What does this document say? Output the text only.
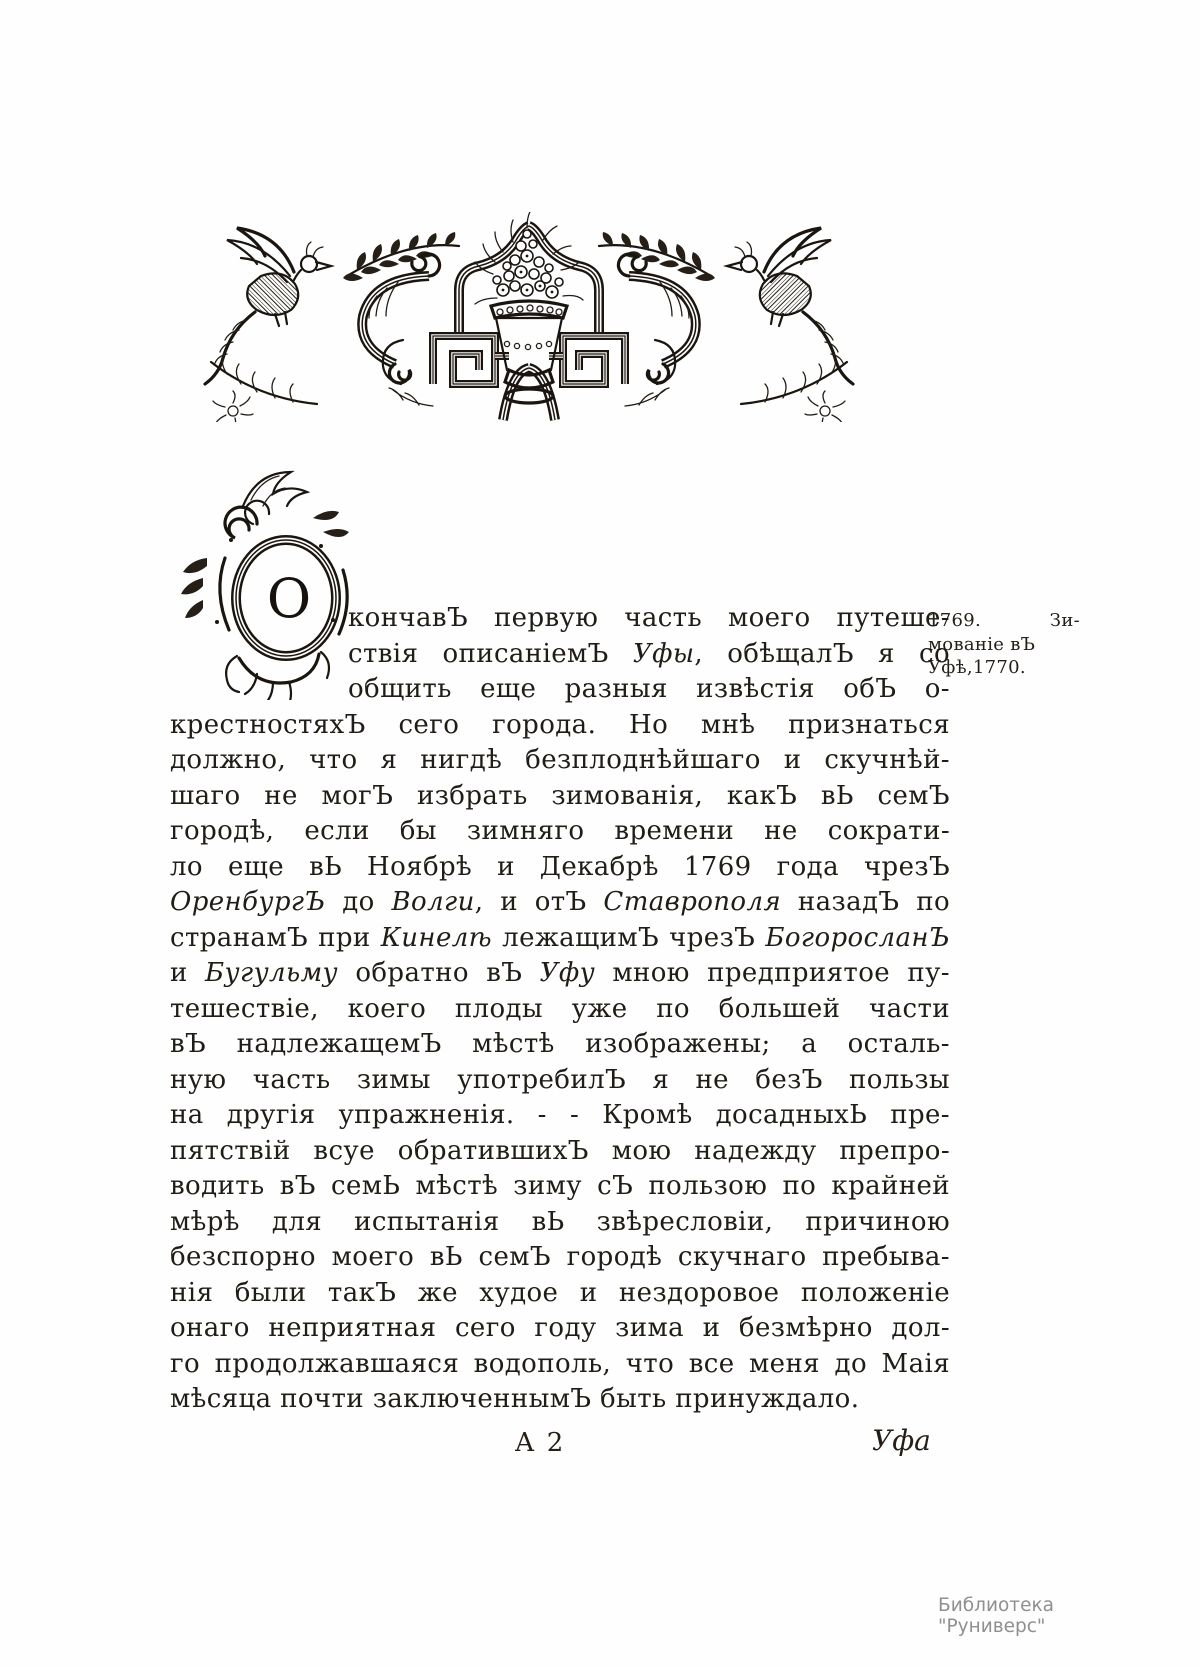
О	1769. Зи-
мованіе вЪ
Уфѣ,1770.
кончавЪ первую часть моего путеше-
ствія описаніемЪ Уфы, обѣщалЪ я со
общить еще разныя извѣстія обЪ о-
крестностяхЪ сего города. Но мнѣ признаться
должно, что я нигдѣ безплоднѣйшаго и скучнѣй-
шаго не могЪ избрать зимованія, какЪ вЬ семЪ
городѣ, если бы зимняго времени не сократи-
ло еще вЬ Ноябрѣ и Декабрѣ 1769 года чрезЪ
ОренбургЪ до Волги, и отЪ Ставрополя назадЪ по
странамЪ при Кинелѣ лежащимЪ чрезЪ БогоросланЪ
и Бугульму обратно вЪ Уфу мною предприятое пу-
тешествіе, коего плоды уже по большей части
вЪ надлежащемЪ мѣстѣ изображены; а осталь-
ную часть зимы употребилЪ я не безЪ пользы
на другія упражненія. - - Кромѣ досадныхЬ пре-
пятствій всуе обратившихЪ мою надежду препро-
водить вЪ семЬ мѣстѣ зиму сЪ пользою по крайней
мѣрѣ для испытанія вЬ звѣресловіи, причиною
безспорно моего вЬ семЪ городѣ скучнаго пребыва-
нія были такЪ же худое и нездоровое положеніе
онаго неприятная сего году зима и безмѣрно дол-
го продолжавшаяся водополь, что все меня до Маія
мѣсяца почти заключеннымЪ быть принуждало.
А 2	Уфа
Библиотека "Руниверс"
